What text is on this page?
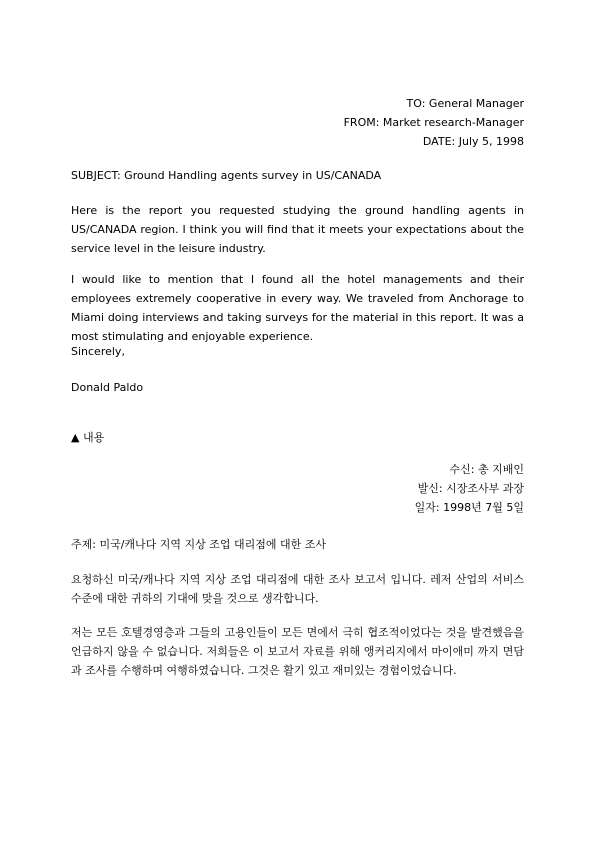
TO: General Manager
FROM: Market research-Manager
DATE: July 5, 1998
SUBJECT: Ground Handling agents survey in US/CANADA
Here is the report you requested studying the ground handling agents in US/CANADA region. I think you will find that it meets your expectations about the service level in the leisure industry.
I would like to mention that I found all the hotel managements and their employees extremely cooperative in every way. We traveled from Anchorage to Miami doing interviews and taking surveys for the material in this report. It was a most stimulating and enjoyable experience.
Sincerely,
Donald Paldo
▲ 내용
수신: 총 지배인
발신: 시장조사부 과장
일자: 1998년 7월 5일
주제: 미국/캐나다 지역 지상 조업 대리점에 대한 조사
요청하신 미국/캐나다 지역 지상 조업 대리점에 대한 조사 보고서 입니다. 레저 산업의 서비스 수준에 대한 귀하의 기대에 맞을 것으로 생각합니다.
저는 모든 호텔경영층과 그들의 고용인들이 모든 면에서 극히 협조적이었다는 것을 발견했음을 언급하지 않을 수 없습니다. 저희들은 이 보고서 자료를 위해 앵커리지에서 마이애미 까지 면담과 조사를 수행하며 여행하였습니다. 그것은 활기 있고 재미있는 경험이었습니다.
